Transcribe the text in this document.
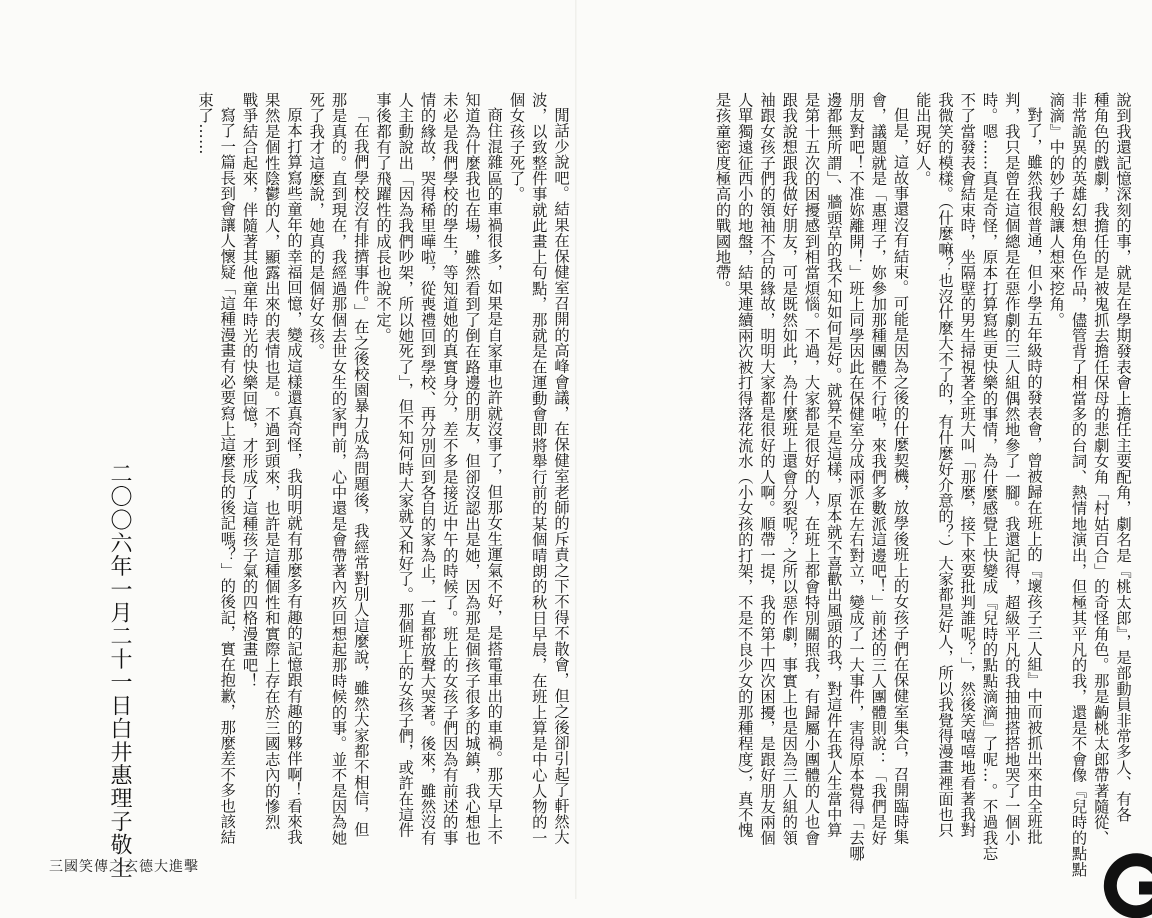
說到我還記憶深刻的事，就是在學期發表會上擔任主要配角，劇名是『桃太郎』，是部動員非常多人、有各

種角色的戲劇，我擔任的是被鬼抓去擔任保母的悲劇女角「村姑百合」的奇怪角色。那是齣桃太郎帶著隨從、

非常詭異的英雄幻想角色作品，儘管背了相當多的台詞、熱情地演出，但極其平凡的我，還是不會像『兒時的點點

滴滴』中的妙子般讓人想來挖角。

對了，雖然我很普通，但小學五年級時的發表會，曾被歸在班上的『壞孩子三人組』中而被抓出來由全班批

判，我只是曾在這個總是在惡作劇的三人組偶然地參了一腳。我還記得，超級平凡的我抽抽搭搭地哭了一個小

時。嗯……真是奇怪，原本打算寫些更快樂的事情，為什麼感覺上快變成『兒時的點點滴滴』了呢…。不過我忘

不了當發表會結束時，坐隔壁的男生掃視著全班大叫「那麼，接下來要批判誰呢？」，然後笑嘻嘻地看著我對

我微笑的模樣。（什麼嘛？也沒什麼大不了的，有什麼好介意的？）大家都是好人，所以我覺得漫畫裡面也只

能出現好人。

但是，這故事還沒有結束。可能是因為之後的什麼契機，放學後班上的女孩子們在保健室集合，召開臨時集

會，議題就是「惠理子，妳參加那種團體不行啦，來我們多數派這邊吧！」前述的三人團體則說：「我們是好

朋友對吧！不准妳離開！」班上同學因此在保健室分成兩派在左右對立，變成了一大事件，害得原本覺得「去哪

邊都無所謂」、牆頭草的我不知如何是好。就算不是這樣，原本就不喜歡出風頭的我，對這件在我人生當中算

是第十五次的困擾感到相當煩惱。不過，大家都是很好的人，在班上都會特別關照我，有歸屬小團體的人也會

跟我說想跟我做好朋友，可是既然如此，為什麼班上還會分裂呢？之所以惡作劇，事實上也是因為三人組的領

袖跟女孩子們的領袖不合的緣故，明明大家都是很好的人啊。順帶一提，我的第十四次困擾，是跟好朋友兩個

人單獨遠征西小的地盤，結果連續兩次被打得落花流水（小女孩的打架，不是不良少女的那種程度），真不愧

是孩童密度極高的戰國地帶。

閒話少說吧。結果在保健室召開的高峰會議，在保健室老師的斥責之下不得不散會，但之後卻引起了軒然大

波，以致整件事就此畫上句點，那就是在運動會即將舉行前的某個晴朗的秋日早晨，在班上算是中心人物的一

個女孩子死了。

商住混雜區的車禍很多，如果是自家車也許就沒事了，但那女生運氣不好，是搭電車出的車禍。那天早上不

知道為什麼我也在場，雖然看到了倒在路邊的朋友，但卻沒認出是她，因為那是個孩子很多的城鎮，我心想也

未必是我們學校的學生，等知道她的真實身分，差不多是接近中午的時候了。班上的女孩子們因為有前述的事

情的緣故，哭得稀里嘩啦，從喪禮回到學校、再分別回到各自的家為止，一直都放聲大哭著。後來，雖然沒有

人主動說出「因為我們吵架，所以她死了」，但不知何時大家就又和好了。那個班上的女孩子們，或許在這件

事後都有了飛躍性的成長也說不定。

「在我們學校沒有排擠事件。」在之後校園暴力成為問題後，我經常對別人這麼說，雖然大家都不相信，但

那是真的。直到現在，我經過那個去世女生的家門前，心中還是會帶著內疚回想起那時候的事。並不是因為她

死了我才這麼說，她真的是個好女孩。

原本打算寫些童年的幸福回憶，變成這樣還真奇怪，我明明就有那麼多有趣的記憶跟有趣的夥伴啊！看來我

果然是個性陰鬱的人，顯露出來的表情也是。不過到頭來，也許是這種個性和實際上存在於三國志內的慘烈

戰爭結合起來，伴隨著其他童年時光的快樂回憶，才形成了這種孩子氣的四格漫畫吧！

寫了一篇長到會讓人懷疑「這種漫畫有必要寫上這麼長的後記嗎？」的後記，實在抱歉，那麼差不多也該結

束了……

二〇〇六年一月二十一日白井惠理子敬上
三國笑傳之玄德大進擊
